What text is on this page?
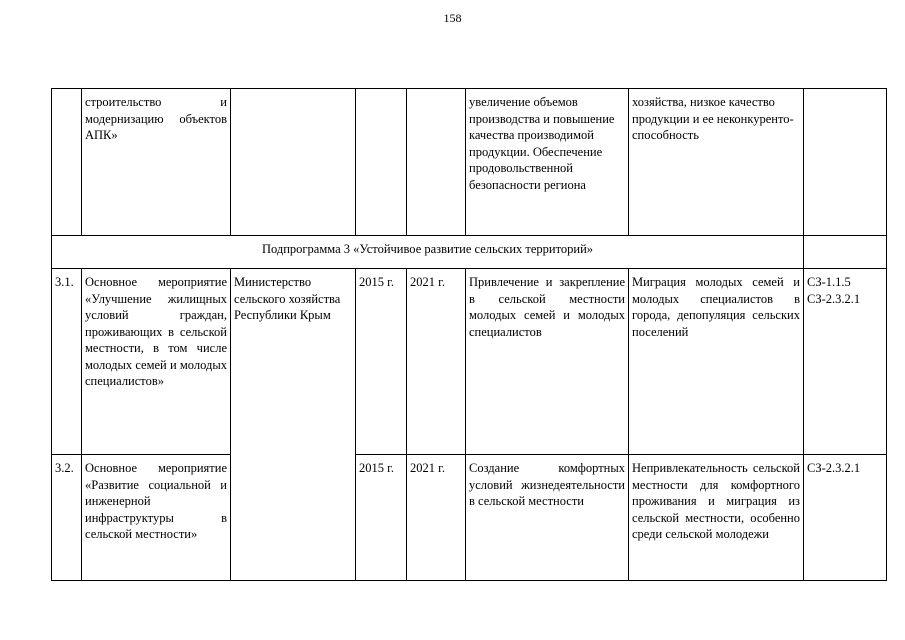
158
	строительство и модернизацию объектов АПК»				увеличение объемов производства и повышение качества производимой продукции. Обеспечение продовольственной безопасности региона	хозяйства, низкое качество продукции и ее неконкуренто-способность	
Подпрограмма 3 «Устойчивое развитие сельских территорий»							
3.1.	Основное мероприятие «Улучшение жилищных условий граждан, проживающих в сельской местности, в том числе молодых семей и молодых специалистов»	Министерство сельского хозяйства Республики Крым	2015 г.	2021 г.	Привлечение и закрепление в сельской местности молодых семей и молодых специалистов	Миграция молодых семей и молодых специалистов в города, депопуляция сельских поселений	СЗ-1.1.5 СЗ-2.3.2.1
3.2.	Основное мероприятие «Развитие социальной и инженерной инфраструктуры в сельской местности»		2015 г.	2021 г.	Создание комфортных условий жизнедеятельности в сельской местности	Непривлекательность сельской местности для комфортного проживания и миграция из сельской местности, особенно среди сельской молодежи	СЗ-2.3.2.1
